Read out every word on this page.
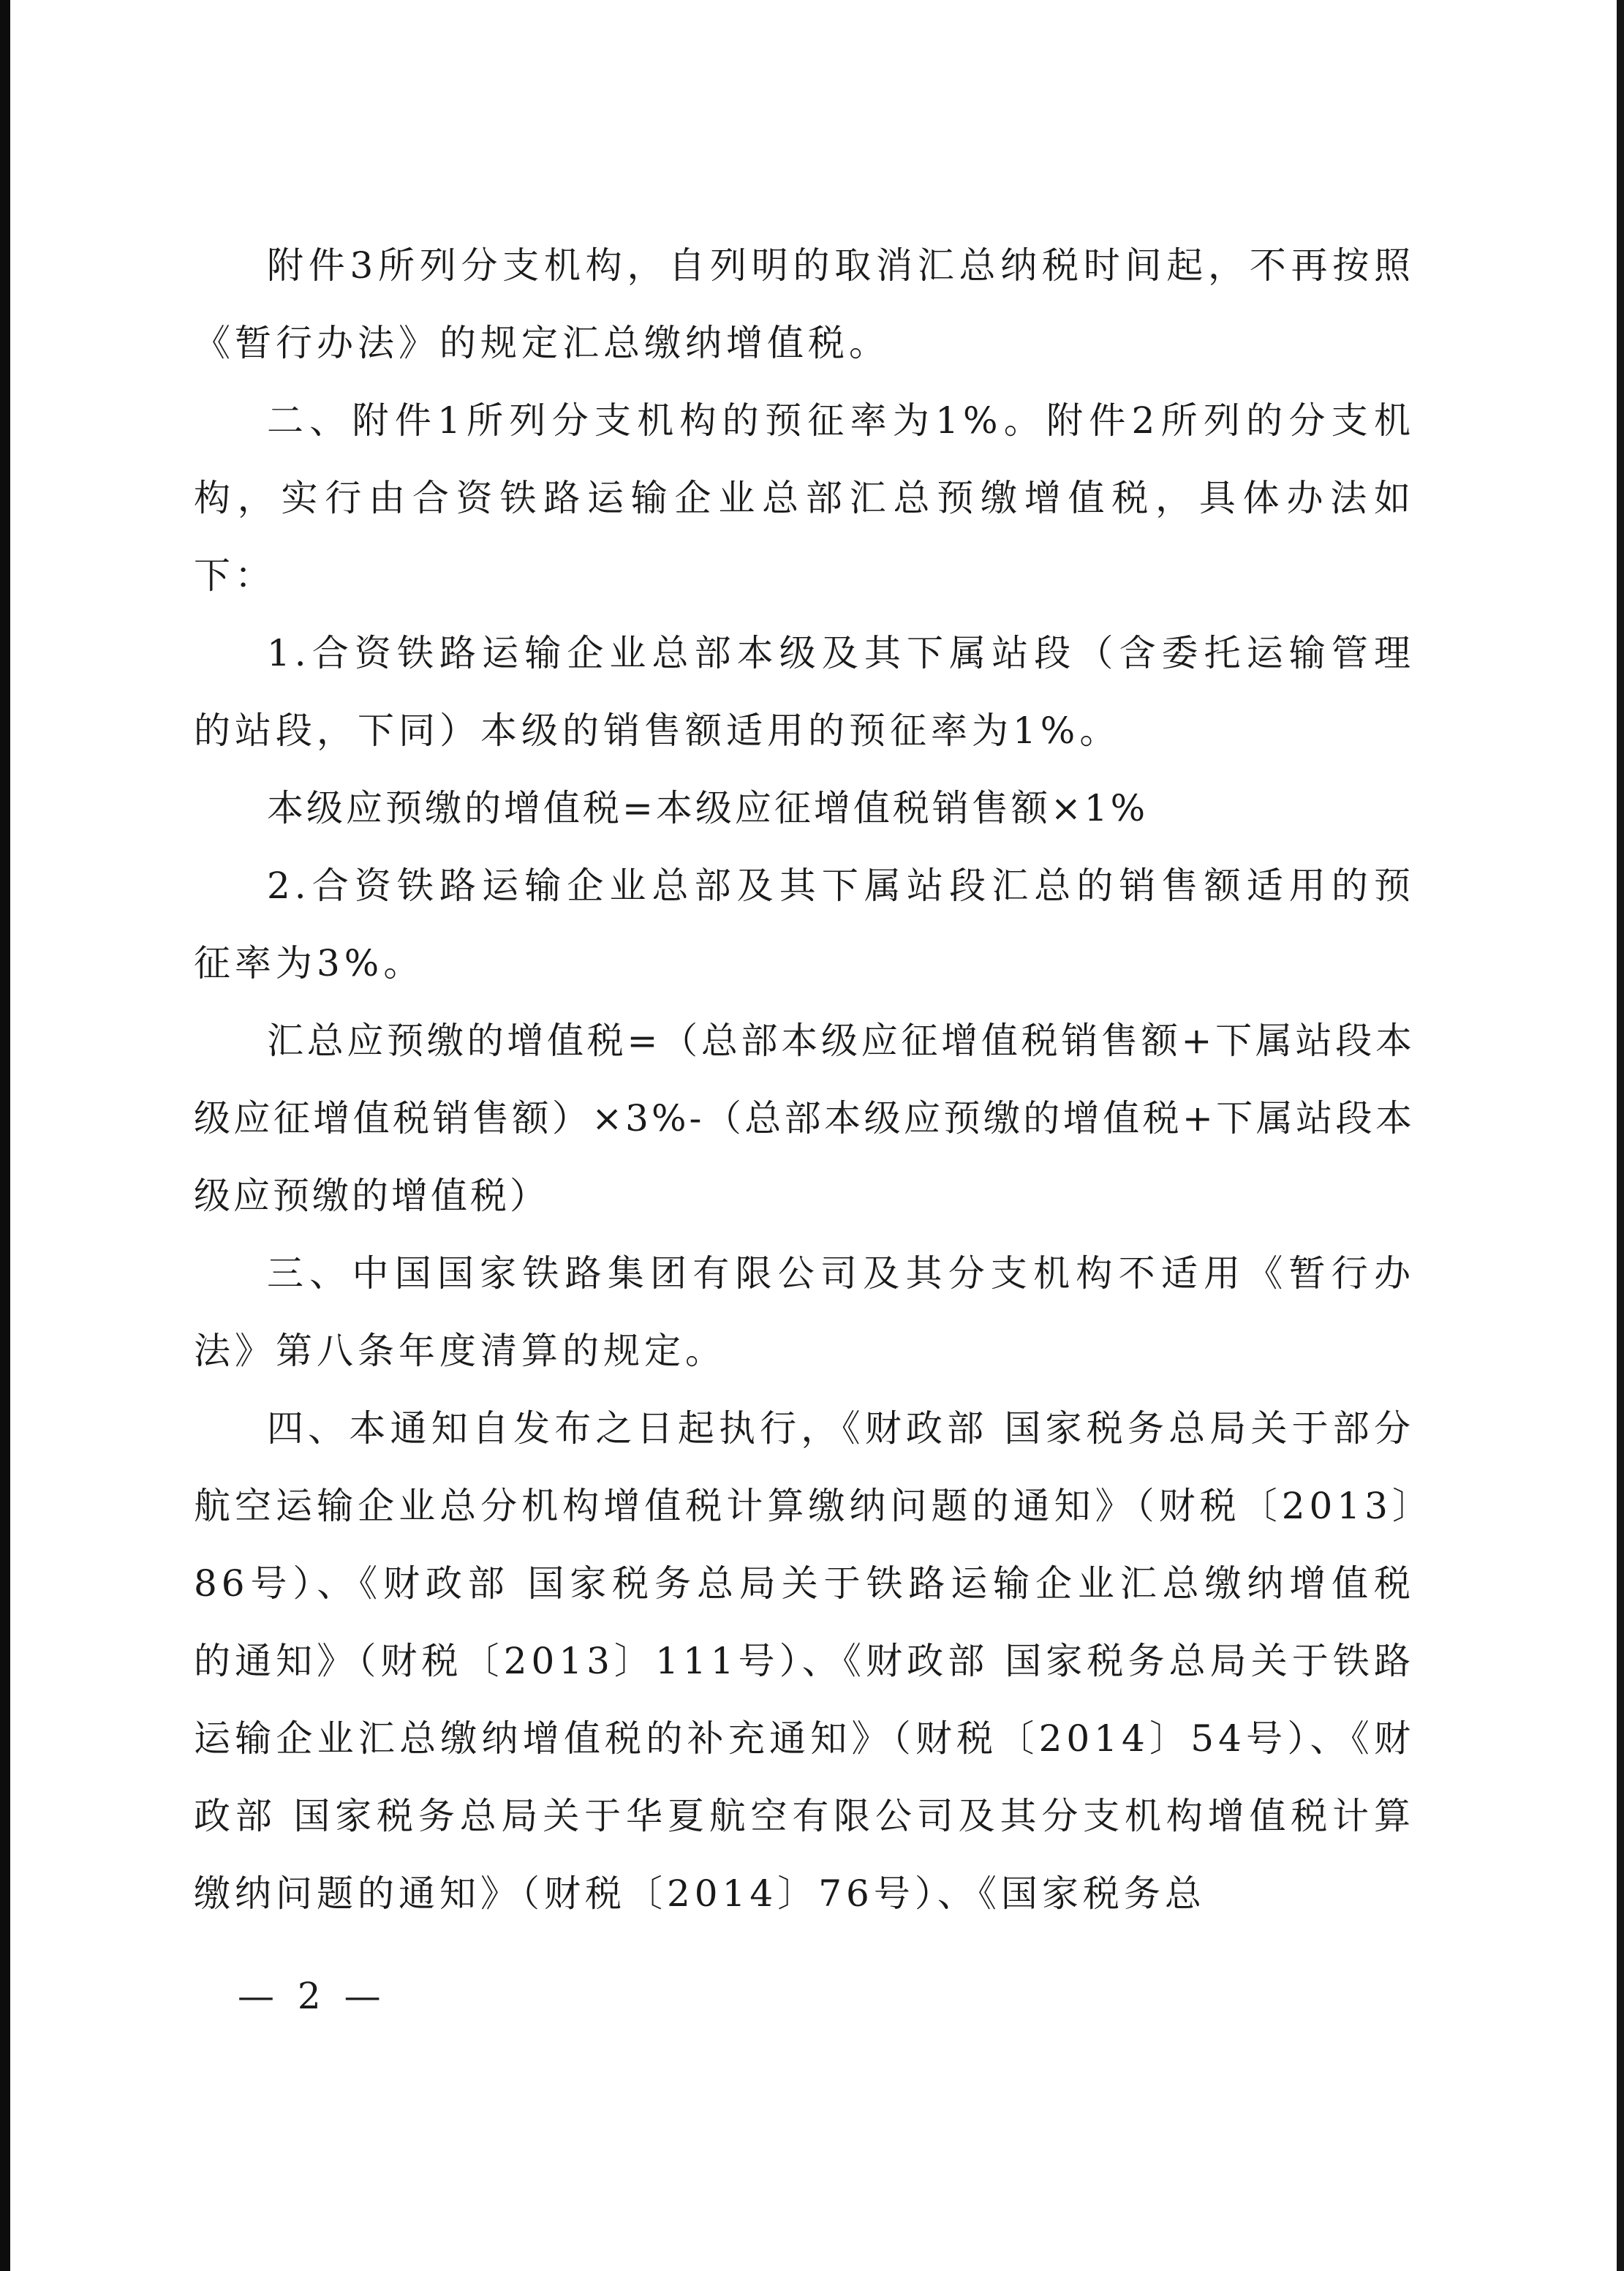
附件3所列分支机构，自列明的取消汇总纳税时间起，不再按照《暂行办法》的规定汇总缴纳增值税。

二、附件1所列分支机构的预征率为1%。附件2所列的分支机构，实行由合资铁路运输企业总部汇总预缴增值税，具体办法如下：

1.合资铁路运输企业总部本级及其下属站段（含委托运输管理的站段，下同）本级的销售额适用的预征率为1%。

本级应预缴的增值税=本级应征增值税销售额×1%

2.合资铁路运输企业总部及其下属站段汇总的销售额适用的预征率为3%。

汇总应预缴的增值税=（总部本级应征增值税销售额+下属站段本级应征增值税销售额）×3%-（总部本级应预缴的增值税+下属站段本级应预缴的增值税）

三、中国国家铁路集团有限公司及其分支机构不适用《暂行办法》第八条年度清算的规定。

四、本通知自发布之日起执行，《财政部 国家税务总局关于部分航空运输企业总分机构增值税计算缴纳问题的通知》（财税〔2013〕86号）、《财政部 国家税务总局关于铁路运输企业汇总缴纳增值税的通知》（财税〔2013〕111号）、《财政部 国家税务总局关于铁路运输企业汇总缴纳增值税的补充通知》（财税〔2014〕54号）、《财政部 国家税务总局关于华夏航空有限公司及其分支机构增值税计算缴纳问题的通知》（财税〔2014〕76号）、《国家税务总

— 2 —
